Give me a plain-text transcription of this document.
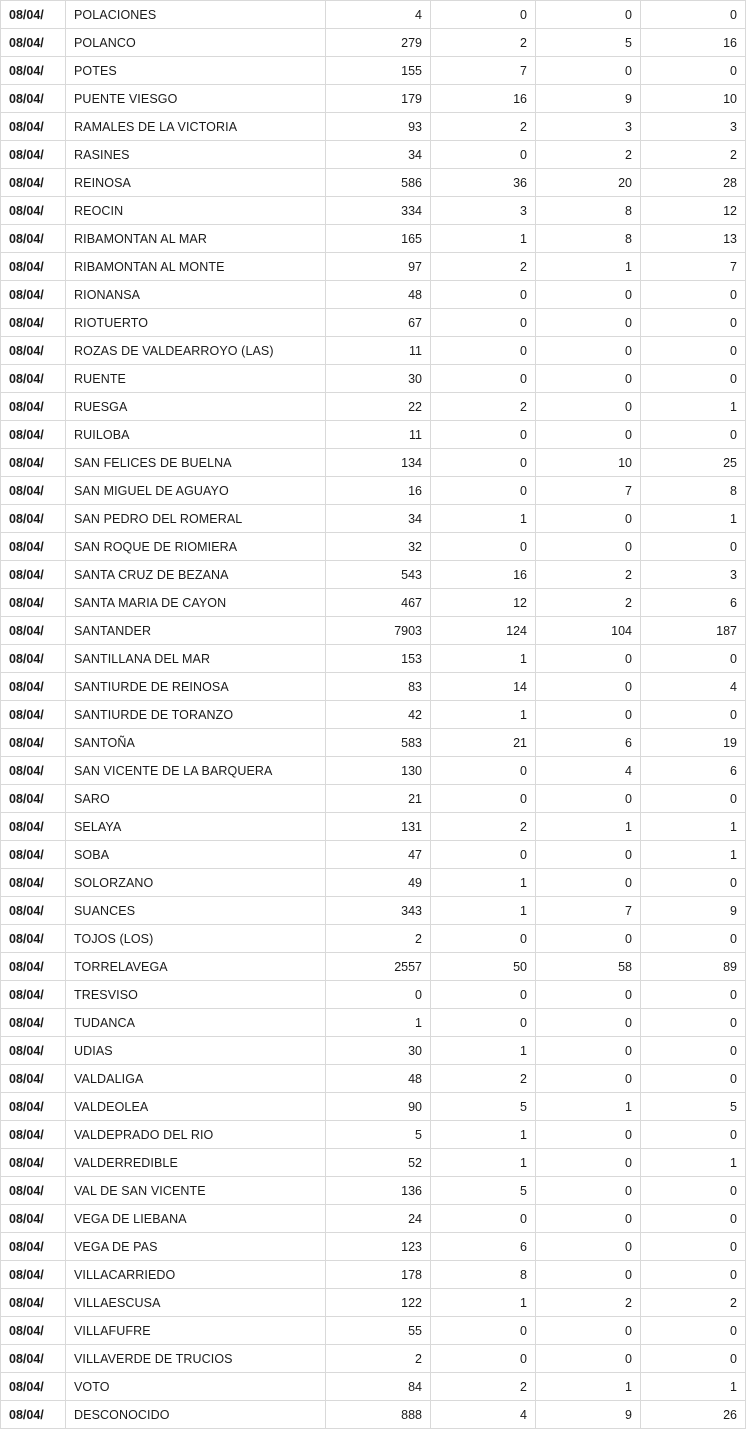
08/04/	POLACIONES	4	0	0	0
08/04/	POLANCO	279	2	5	16
08/04/	POTES	155	7	0	0
08/04/	PUENTE VIESGO	179	16	9	10
08/04/	RAMALES DE LA VICTORIA	93	2	3	3
08/04/	RASINES	34	0	2	2
08/04/	REINOSA	586	36	20	28
08/04/	REOCIN	334	3	8	12
08/04/	RIBAMONTAN AL MAR	165	1	8	13
08/04/	RIBAMONTAN AL MONTE	97	2	1	7
08/04/	RIONANSA	48	0	0	0
08/04/	RIOTUERTO	67	0	0	0
08/04/	ROZAS DE VALDEARROYO (LAS)	11	0	0	0
08/04/	RUENTE	30	0	0	0
08/04/	RUESGA	22	2	0	1
08/04/	RUILOBA	11	0	0	0
08/04/	SAN FELICES DE BUELNA	134	0	10	25
08/04/	SAN MIGUEL DE AGUAYO	16	0	7	8
08/04/	SAN PEDRO DEL ROMERAL	34	1	0	1
08/04/	SAN ROQUE DE RIOMIERA	32	0	0	0
08/04/	SANTA CRUZ DE BEZANA	543	16	2	3
08/04/	SANTA MARIA DE CAYON	467	12	2	6
08/04/	SANTANDER	7903	124	104	187
08/04/	SANTILLANA DEL MAR	153	1	0	0
08/04/	SANTIURDE DE REINOSA	83	14	0	4
08/04/	SANTIURDE DE TORANZO	42	1	0	0
08/04/	SANTOÑA	583	21	6	19
08/04/	SAN VICENTE DE LA BARQUERA	130	0	4	6
08/04/	SARO	21	0	0	0
08/04/	SELAYA	131	2	1	1
08/04/	SOBA	47	0	0	1
08/04/	SOLORZANO	49	1	0	0
08/04/	SUANCES	343	1	7	9
08/04/	TOJOS (LOS)	2	0	0	0
08/04/	TORRELAVEGA	2557	50	58	89
08/04/	TRESVISO	0	0	0	0
08/04/	TUDANCA	1	0	0	0
08/04/	UDIAS	30	1	0	0
08/04/	VALDALIGA	48	2	0	0
08/04/	VALDEOLEA	90	5	1	5
08/04/	VALDEPRADO DEL RIO	5	1	0	0
08/04/	VALDERREDIBLE	52	1	0	1
08/04/	VAL DE SAN VICENTE	136	5	0	0
08/04/	VEGA DE LIEBANA	24	0	0	0
08/04/	VEGA DE PAS	123	6	0	0
08/04/	VILLACARRIEDO	178	8	0	0
08/04/	VILLAESCUSA	122	1	2	2
08/04/	VILLAFUFRE	55	0	0	0
08/04/	VILLAVERDE DE TRUCIOS	2	0	0	0
08/04/	VOTO	84	2	1	1
08/04/	DESCONOCIDO	888	4	9	26
